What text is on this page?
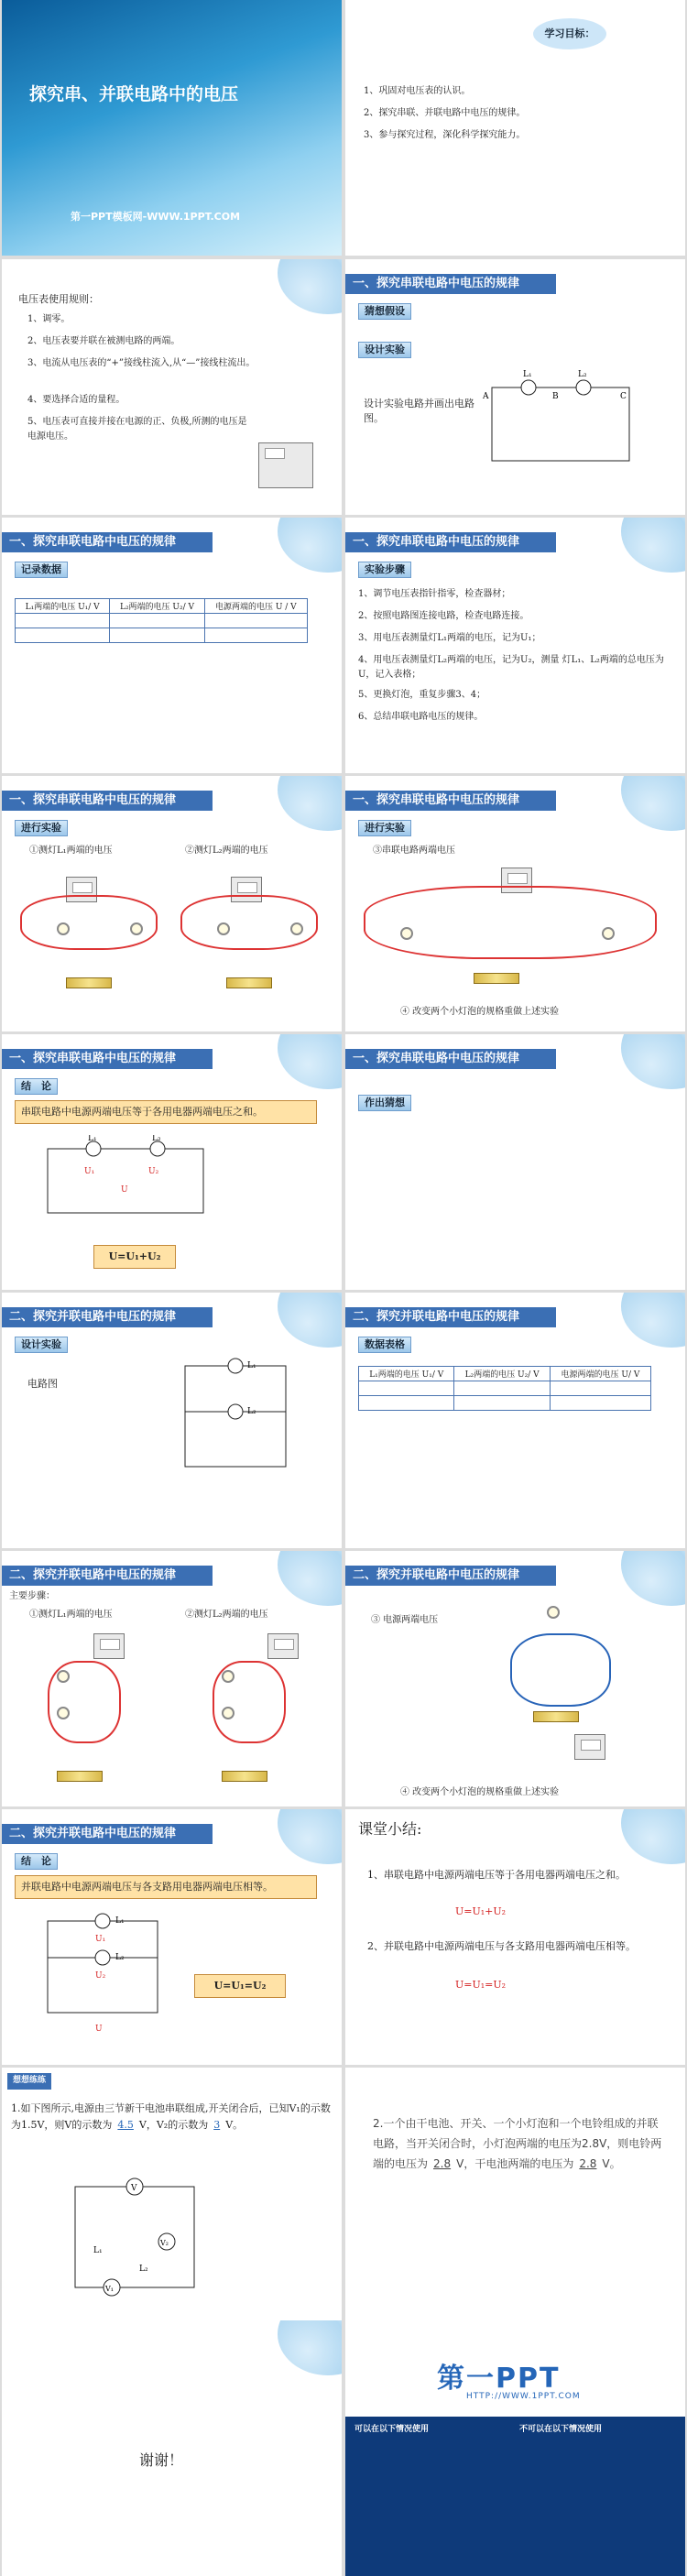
探究串、并联电路中的电压
第一PPT模板网-WWW.1PPT.COM
学习目标：
1、巩固对电压表的认识。
2、探究串联、并联电路中电压的规律。
3、参与探究过程，深化科学探究能力。
电压表使用规则：
1、调零。
2、电压表要并联在被测电路的两端。
3、电流从电压表的“+”接线柱流入,从“—”接线柱流出。
4、要选择合适的量程。
5、电压表可直接并接在电源的正、负极,所测的电压是电源电压。
一、探究串联电路中电压的规律
猜想假设
设计实验
设计实验电路并画出电路图。
L₁	L₂
A	B	C
一、探究串联电路中电压的规律
记录数据
L₁两端的电压 U₁/ V	L₂两端的电压 U₂/ V	电源两端的电压 U / V

一、探究串联电路中电压的规律
实验步骤
1、调节电压表指针指零，检查器材；
2、按照电路图连接电路，检查电路连接。
3、用电压表测量灯L₁两端的电压，记为U₁；
4、用电压表测量灯L₂两端的电压，记为U₂，测量 灯L₁、L₂两端的总电压为U，记入表格；
5、更换灯泡，重复步骤3、4；
6、总结串联电路电压的规律。
一、探究串联电路中电压的规律
进行实验
①测灯L₁两端的电压	②测灯L₂两端的电压
一、探究串联电路中电压的规律
进行实验
③串联电路两端电压
④ 改变两个小灯泡的规格重做上述实验
一、探究串联电路中电压的规律
结　论
串联电路中电源两端电压等于各用电器两端电压之和。
L₁	L₂
U₁	U₂
U
U=U₁+U₂
一、探究串联电路中电压的规律
作出猜想
二、探究并联电路中电压的规律
设计实验
电路图
L₁
L₂
二、探究并联电路中电压的规律
数据表格
L₁两端的电压 U₁/ V	L₂两端的电压 U₂/ V	电源两端的电压 U/ V

二、探究并联电路中电压的规律
主要步骤：
①测灯L₁两端的电压	②测灯L₂两端的电压
二、探究并联电路中电压的规律
③ 电源两端电压
④ 改变两个小灯泡的规格重做上述实验
二、探究并联电路中电压的规律
结　论
并联电路中电源两端电压与各支路用电器两端电压相等。
L₁
L₂
U₁
U₂
U
U=U₁=U₂
课堂小结:
1、串联电路中电源两端电压等于各用电器两端电压之和。
U=U₁+U₂
2、并联电路中电源两端电压与各支路用电器两端电压相等。
U=U₁=U₂
想想练练
1.如下图所示,电源由三节新干电池串联组成,开关闭合后，已知V₁的示数为1.5V，则V的示数为 4.5 V，V₂的示数为 3 V。
V
V₂
V₁
L₁
L₂
2.一个由干电池、开关、一个小灯泡和一个电铃组成的并联电路，当开关闭合时，小灯泡两端的电压为2.8V，则电铃两端的电压为 2.8 V，干电池两端的电压为 2.8 V。
谢谢！
第一PPT
HTTP://WWW.1PPT.COM
可以在以下情况使用	不可以在以下情况使用
